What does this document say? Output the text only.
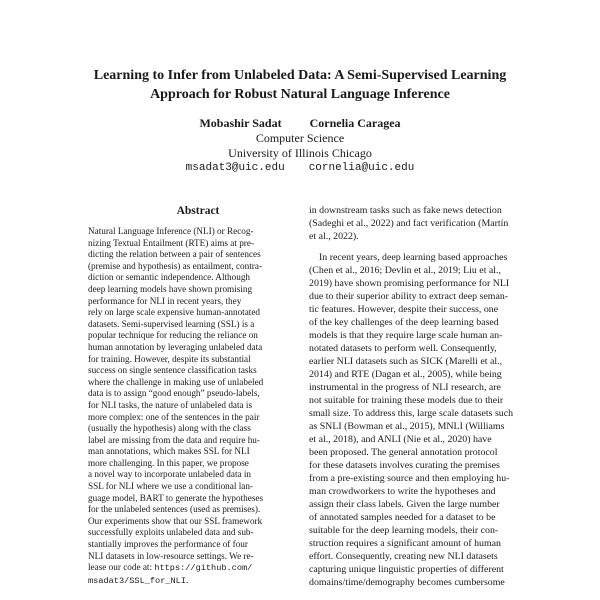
Learning to Infer from Unlabeled Data: A Semi-Supervised Learning
Approach for Robust Natural Language Inference
Mobashir Sadat Cornelia Caragea
Computer Science
University of Illinois Chicago
msadat3@uic.edu cornelia@uic.edu
Abstract
Natural Language Inference (NLI) or Recog-
nizing Textual Entailment (RTE) aims at pre-
dicting the relation between a pair of sentences
(premise and hypothesis) as entailment, contra-
diction or semantic independence. Although
deep learning models have shown promising
performance for NLI in recent years, they
rely on large scale expensive human-annotated
datasets. Semi-supervised learning (SSL) is a
popular technique for reducing the reliance on
human annotation by leveraging unlabeled data
for training. However, despite its substantial
success on single sentence classification tasks
where the challenge in making use of unlabeled
data is to assign “good enough” pseudo-labels,
for NLI tasks, the nature of unlabeled data is
more complex: one of the sentences in the pair
(usually the hypothesis) along with the class
label are missing from the data and require hu-
man annotations, which makes SSL for NLI
more challenging. In this paper, we propose
a novel way to incorporate unlabeled data in
SSL for NLI where we use a conditional lan-
guage model, BART to generate the hypotheses
for the unlabeled sentences (used as premises).
Our experiments show that our SSL framework
successfully exploits unlabeled data and sub-
stantially improves the performance of four
NLI datasets in low-resource settings. We re-
lease our code at: https://github.com/
msadat3/SSL_for_NLI.
in downstream tasks such as fake news detection
(Sadeghi et al., 2022) and fact verification (Martín
et al., 2022).
In recent years, deep learning based approaches
(Chen et al., 2016; Devlin et al., 2019; Liu et al.,
2019) have shown promising performance for NLI
due to their superior ability to extract deep seman-
tic features. However, despite their success, one
of the key challenges of the deep learning based
models is that they require large scale human an-
notated datasets to perform well. Consequently,
earlier NLI datasets such as SICK (Marelli et al.,
2014) and RTE (Dagan et al., 2005), while being
instrumental in the progress of NLI research, are
not suitable for training these models due to their
small size. To address this, large scale datasets such
as SNLI (Bowman et al., 2015), MNLI (Williams
et al., 2018), and ANLI (Nie et al., 2020) have
been proposed. The general annotation protocol
for these datasets involves curating the premises
from a pre-existing source and then employing hu-
man crowdworkers to write the hypotheses and
assign their class labels. Given the large number
of annotated samples needed for a dataset to be
suitable for the deep learning models, their con-
struction requires a significant amount of human
effort. Consequently, creating new NLI datasets
capturing unique linguistic properties of different
domains/time/demography becomes cumbersome
